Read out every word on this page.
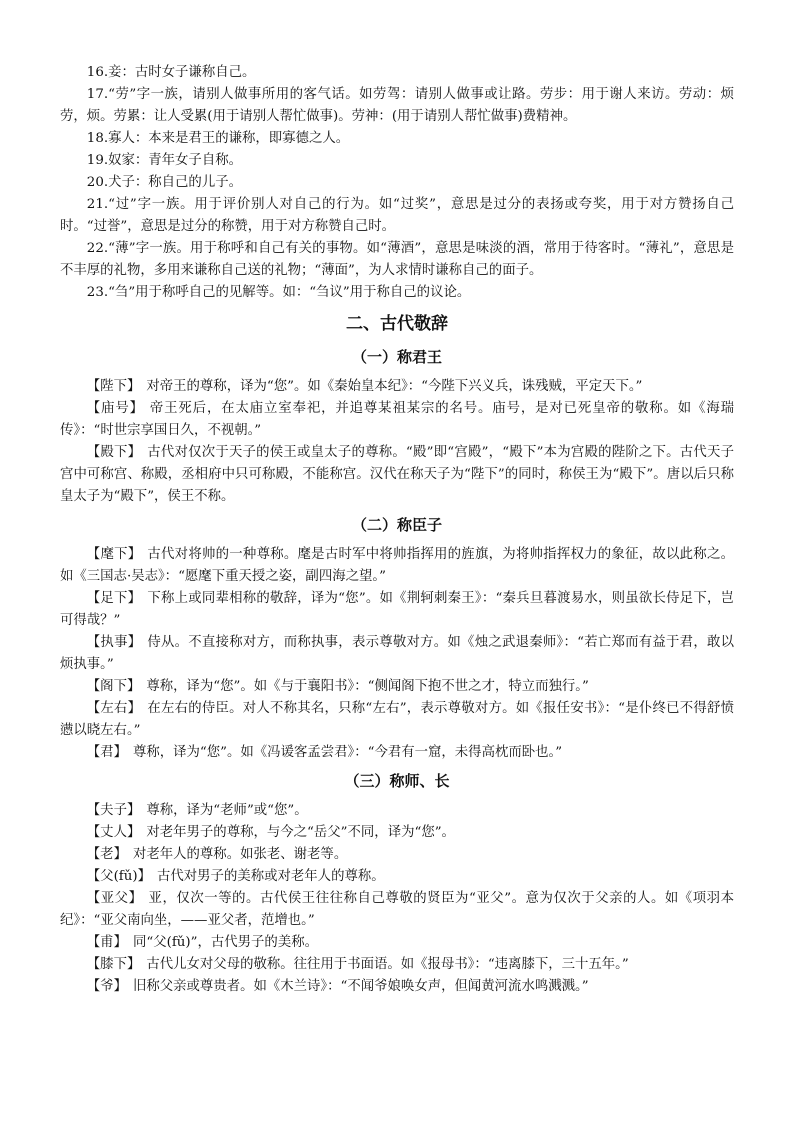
16.妾：古时女子谦称自己。

17.“劳”字一族，请别人做事所用的客气话。如劳驾：请别人做事或让路。劳步：用于谢人来访。劳动：烦劳，烦。劳累：让人受累(用于请别人帮忙做事)。劳神：(用于请别人帮忙做事)费精神。

18.寡人：本来是君王的谦称，即寡德之人。

19.奴家：青年女子自称。

20.犬子：称自己的儿子。

21.“过”字一族。用于评价别人对自己的行为。如“过奖”，意思是过分的表扬或夸奖，用于对方赞扬自己时。“过誉”，意思是过分的称赞，用于对方称赞自己时。

22.“薄”字一族。用于称呼和自己有关的事物。如“薄酒”，意思是味淡的酒，常用于待客时。“薄礼”，意思是不丰厚的礼物，多用来谦称自己送的礼物；“薄面”，为人求情时谦称自己的面子。

23.“刍”用于称呼自己的见解等。如：“刍议”用于称自己的议论。

二、古代敬辞
（一）称君王

【陛下】 对帝王的尊称，译为“您”。如《秦始皇本纪》：“今陛下兴义兵，诛残贼，平定天下。”

【庙号】 帝王死后，在太庙立室奉祀，并追尊某祖某宗的名号。庙号，是对已死皇帝的敬称。如《海瑞传》：“时世宗享国日久，不视朝。”

【殿下】 古代对仅次于天子的侯王或皇太子的尊称。“殿”即“宫殿”，“殿下”本为宫殿的陛阶之下。古代天子宫中可称宫、称殿，丞相府中只可称殿，不能称宫。汉代在称天子为“陛下”的同时，称侯王为“殿下”。唐以后只称皇太子为“殿下”，侯王不称。

（二）称臣子

【麾下】 古代对将帅的一种尊称。麾是古时军中将帅指挥用的旌旗，为将帅指挥权力的象征，故以此称之。如《三国志·吴志》：“愿麾下重天授之姿，副四海之望。”

【足下】 下称上或同辈相称的敬辞，译为“您”。如《荆轲刺秦王》：“秦兵旦暮渡易水，则虽欲长侍足下，岂可得哉？”

【执事】 侍从。不直接称对方，而称执事，表示尊敬对方。如《烛之武退秦师》：“若亡郑而有益于君，敢以烦执事。”

【阁下】 尊称，译为“您”。如《与于襄阳书》：“侧闻阁下抱不世之才，特立而独行。”

【左右】 在左右的侍臣。对人不称其名，只称“左右”，表示尊敬对方。如《报任安书》：“是仆终已不得舒愤懑以晓左右。”

【君】 尊称，译为“您”。如《冯谖客孟尝君》：“今君有一窟，未得高枕而卧也。”

（三）称师、长

【夫子】 尊称，译为“老师”或“您”。

【丈人】 对老年男子的尊称，与今之“岳父”不同，译为“您”。

【老】 对老年人的尊称。如张老、谢老等。

【父(fǔ)】 古代对男子的美称或对老年人的尊称。

【亚父】 亚，仅次一等的。古代侯王往往称自己尊敬的贤臣为“亚父”。意为仅次于父亲的人。如《项羽本纪》：“亚父南向坐，——亚父者，范增也。”

【甫】 同“父(fǔ)”，古代男子的美称。

【膝下】 古代儿女对父母的敬称。往往用于书面语。如《报母书》：“违离膝下，三十五年。”

【爷】 旧称父亲或尊贵者。如《木兰诗》：“不闻爷娘唤女声，但闻黄河流水鸣溅溅。”
